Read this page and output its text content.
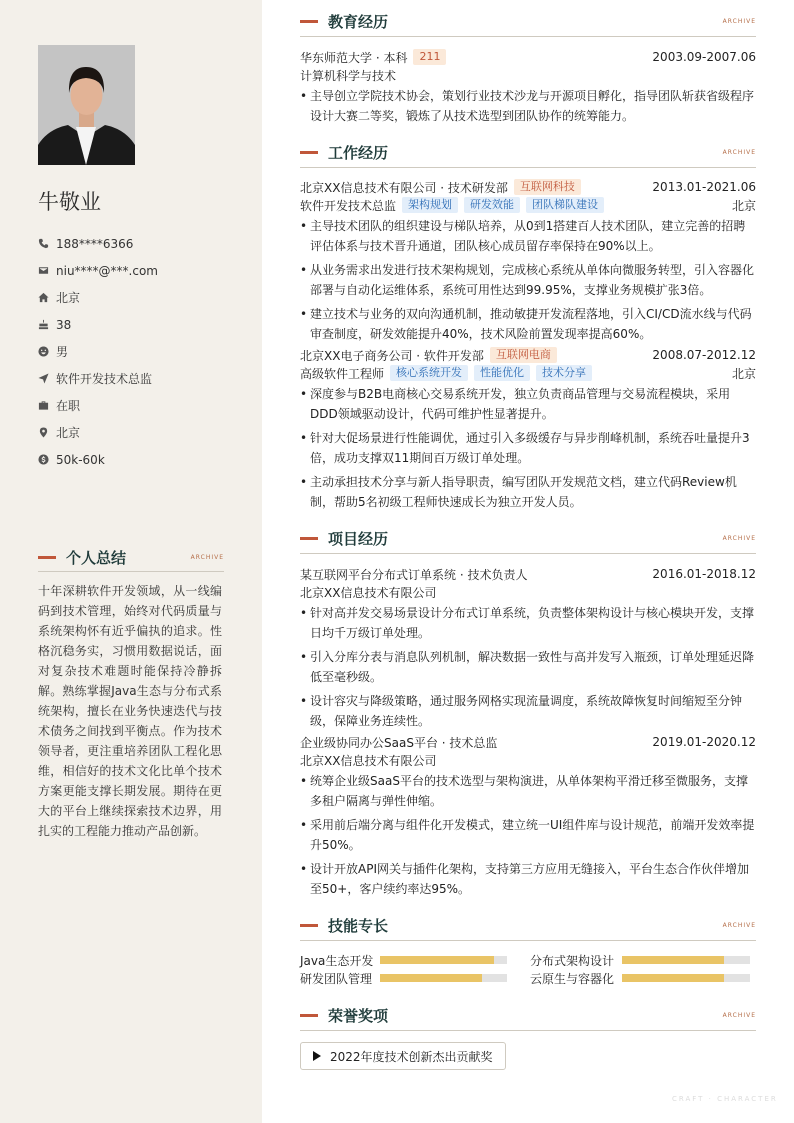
牛敬业
188****6366
niu****@***.com
北京
38
男
软件开发技术总监
在职
北京
50k-60k
个人总结	ARCHIVE
十年深耕软件开发领域，从一线编码到技术管理，始终对代码质量与系统架构怀有近乎偏执的追求。性格沉稳务实，习惯用数据说话，面对复杂技术难题时能保持冷静拆解。熟练掌握Java生态与分布式系统架构，擅长在业务快速迭代与技术债务之间找到平衡点。作为技术领导者，更注重培养团队工程化思维，相信好的技术文化比单个技术方案更能支撑长期发展。期待在更大的平台上继续探索技术边界，用扎实的工程能力推动产品创新。
教育经历	ARCHIVE
华东师范大学 · 本科	211	2003.09-2007.06
计算机科学与技术
• 主导创立学院技术协会，策划行业技术沙龙与开源项目孵化，指导团队斩获省级程序设计大赛二等奖，锻炼了从技术选型到团队协作的统筹能力。
工作经历	ARCHIVE
北京XX信息技术有限公司 · 技术研发部	互联网科技	2013.01-2021.06
软件开发技术总监	架构规划	研发效能	团队梯队建设	北京
• 主导技术团队的组织建设与梯队培养，从0到1搭建百人技术团队，建立完善的招聘评估体系与技术晋升通道，团队核心成员留存率保持在90%以上。
• 从业务需求出发进行技术架构规划，完成核心系统从单体向微服务转型，引入容器化部署与自动化运维体系，系统可用性达到99.95%，支撑业务规模扩张3倍。
• 建立技术与业务的双向沟通机制，推动敏捷开发流程落地，引入CI/CD流水线与代码审查制度，研发效能提升40%，技术风险前置发现率提高60%。
北京XX电子商务公司 · 软件开发部	互联网电商	2008.07-2012.12
高级软件工程师	核心系统开发	性能优化	技术分享	北京
• 深度参与B2B电商核心交易系统开发，独立负责商品管理与交易流程模块，采用DDD领域驱动设计，代码可维护性显著提升。
• 针对大促场景进行性能调优，通过引入多级缓存与异步削峰机制，系统吞吐量提升3倍，成功支撑双11期间百万级订单处理。
• 主动承担技术分享与新人指导职责，编写团队开发规范文档，建立代码Review机制，帮助5名初级工程师快速成长为独立开发人员。
项目经历	ARCHIVE
某互联网平台分布式订单系统 · 技术负责人	2016.01-2018.12
北京XX信息技术有限公司
• 针对高并发交易场景设计分布式订单系统，负责整体架构设计与核心模块开发，支撑日均千万级订单处理。
• 引入分库分表与消息队列机制，解决数据一致性与高并发写入瓶颈，订单处理延迟降低至毫秒级。
• 设计容灾与降级策略，通过服务网格实现流量调度，系统故障恢复时间缩短至分钟级，保障业务连续性。
企业级协同办公SaaS平台 · 技术总监	2019.01-2020.12
北京XX信息技术有限公司
• 统筹企业级SaaS平台的技术选型与架构演进，从单体架构平滑迁移至微服务，支撑多租户隔离与弹性伸缩。
• 采用前后端分离与组件化开发模式，建立统一UI组件库与设计规范，前端开发效率提升50%。
• 设计开放API网关与插件化架构，支持第三方应用无缝接入，平台生态合作伙伴增加至50+，客户续约率达95%。
技能专长	ARCHIVE
Java生态开发	分布式架构设计
研发团队管理	云原生与容器化
荣誉奖项	ARCHIVE
2022年度技术创新杰出贡献奖
CRAFT · CHARACTER
